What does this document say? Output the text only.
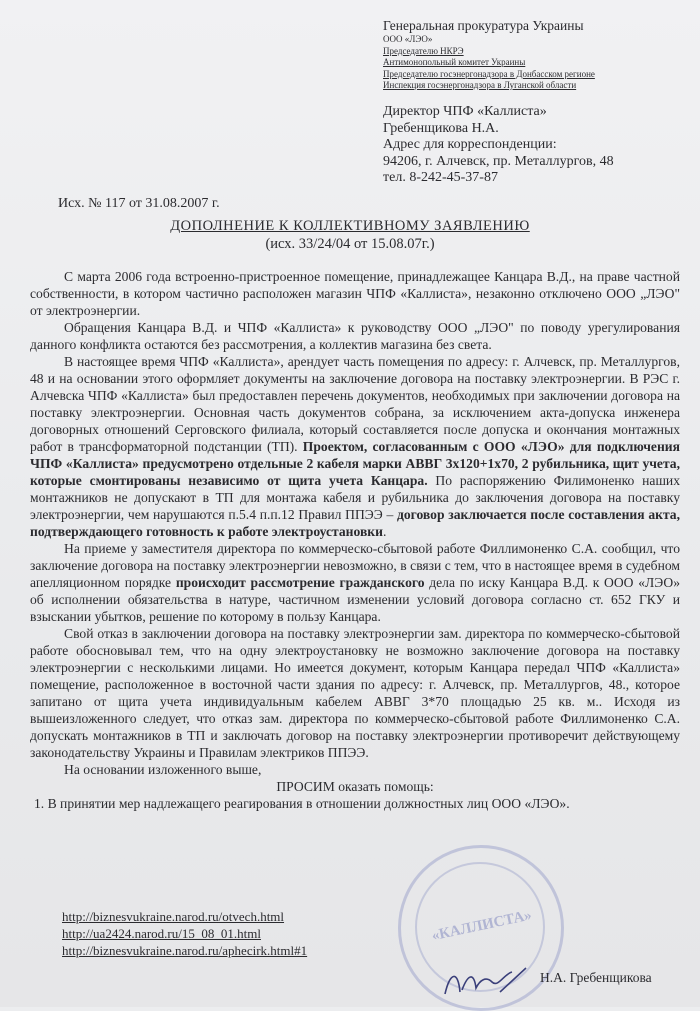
Генеральная прокуратура Украины
ООО «ЛЭО»
Председателю НКРЭ
Антимонопольный комитет Украины
Председателю госэнергонадзора в Донбасском регионе
Инспекция госэнергонадзора в Луганской области
Директор ЧПФ «Каллиста»
Гребенщикова Н.А.
Адрес для корреспонденции:
94206, г. Алчевск, пр. Металлургов, 48
тел. 8-242-45-37-87
Исх. № 117 от 31.08.2007 г.
ДОПОЛНЕНИЕ К КОЛЛЕКТИВНОМУ ЗАЯВЛЕНИЮ
(исх. 33/24/04 от 15.08.07г.)

С марта 2006 года встроенно-пристроенное помещение, принадлежащее Канцара В.Д., на праве частной собственности, в котором частично расположен магазин ЧПФ «Каллиста», незаконно отключено ООО „ЛЭО" от электроэнергии.

Обращения Канцара В.Д. и ЧПФ «Каллиста» к руководству ООО „ЛЭО" по поводу урегулирования данного конфликта остаются без рассмотрения, а коллектив магазина без света.

В настоящее время ЧПФ «Каллиста», арендует часть помещения по адресу: г. Алчевск, пр. Металлургов, 48 и на основании этого оформляет документы на заключение договора на поставку электроэнергии. В РЭС г. Алчевска ЧПФ «Каллиста» был предоставлен перечень документов, необходимых при заключении договора на поставку электроэнергии. Основная часть документов собрана, за исключением акта-допуска инженера договорных отношений Серговского филиала, который составляется после допуска и окончания монтажных работ в трансформаторной подстанции (ТП). Проектом, согласованным с ООО «ЛЭО» для подключения ЧПФ «Каллиста» предусмотрено отдельные 2 кабеля марки АВВГ 3х120+1х70, 2 рубильника, щит учета, которые смонтированы независимо от щита учета Канцара. По распоряжению Филимоненко наших монтажников не допускают в ТП для монтажа кабеля и рубильника до заключения договора на поставку электроэнергии, чем нарушаются п.5.4 п.п.12 Правил ППЭЭ – договор заключается после составления акта, подтверждающего готовность к работе электроустановки.

На приеме у заместителя директора по коммерческо-сбытовой работе Филлимоненко С.А. сообщил, что заключение договора на поставку электроэнергии невозможно, в связи с тем, что в настоящее время в судебном апелляционном порядке происходит рассмотрение гражданского дела по иску Канцара В.Д. к ООО «ЛЭО» об исполнении обязательства в натуре, частичном изменении условий договора согласно ст. 652 ГКУ и взыскании убытков, решение по которому в пользу Канцара.

Свой отказ в заключении договора на поставку электроэнергии зам. директора по коммерческо-сбытовой работе обосновывал тем, что на одну электроустановку не возможно заключение договора на поставку электроэнергии с несколькими лицами. Но имеется документ, которым Канцара передал ЧПФ «Каллиста» помещение, расположенное в восточной части здания по адресу: г. Алчевск, пр. Металлургов, 48., которое запитано от щита учета индивидуальным кабелем АВВГ 3*70 площадью 25 кв. м.. Исходя из вышеизложенного следует, что отказ зам. директора по коммерческо-сбытовой работе Филлимоненко С.А. допускать монтажников в ТП и заключать договор на поставку электроэнергии противоречит действующему законодательству Украины и Правилам электриков ППЭЭ.

На основании изложенного выше,

ПРОСИМ оказать помощь:

1. В принятии мер надлежащего реагирования в отношении должностных лиц ООО «ЛЭО».

http://biznesvukraine.narod.ru/otvech.html
http://ua2424.narod.ru/15_08_01.html
http://biznesvukraine.narod.ru/aphecirk.html#1
«КАЛЛИСТА»
Н.А. Гребенщикова
